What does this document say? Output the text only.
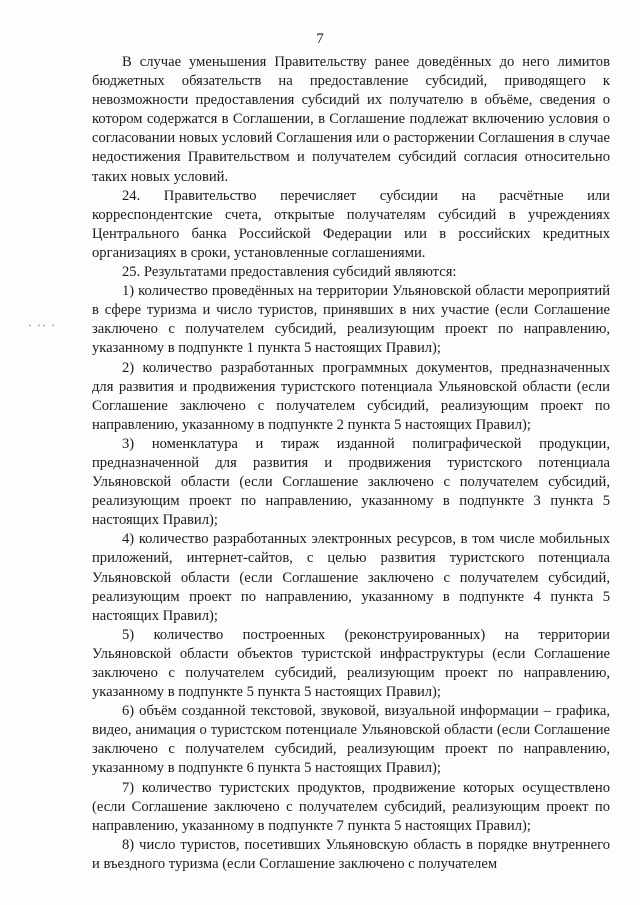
7
· ·· ·

В случае уменьшения Правительству ранее доведённых до него лимитов бюджетных обязательств на предоставление субсидий, приводящего к невозможности предоставления субсидий их получателю в объёме, сведения о котором содержатся в Соглашении, в Соглашение подлежат включению условия о согласовании новых условий Соглашения или о расторжении Соглашения в случае недостижения Правительством и получателем субсидий согласия относительно таких новых условий.

24. Правительство перечисляет субсидии на расчётные или корреспондентские счета, открытые получателям субсидий в учреждениях Центрального банка Российской Федерации или в российских кредитных организациях в сроки, установленные соглашениями.

25. Результатами предоставления субсидий являются:

1) количество проведённых на территории Ульяновской области мероприятий в сфере туризма и число туристов, принявших в них участие (если Соглашение заключено с получателем субсидий, реализующим проект по направлению, указанному в подпункте 1 пункта 5 настоящих Правил);

2) количество разработанных программных документов, предназначенных для развития и продвижения туристского потенциала Ульяновской области (если Соглашение заключено с получателем субсидий, реализующим проект по направлению, указанному в подпункте 2 пункта 5 настоящих Правил);

3) номенклатура и тираж изданной полиграфической продукции, предназначенной для развития и продвижения туристского потенциала Ульяновской области (если Соглашение заключено с получателем субсидий, реализующим проект по направлению, указанному в подпункте 3 пункта 5 настоящих Правил);

4) количество разработанных электронных ресурсов, в том числе мобильных приложений, интернет-сайтов, с целью развития туристского потенциала Ульяновской области (если Соглашение заключено с получателем субсидий, реализующим проект по направлению, указанному в подпункте 4 пункта 5 настоящих Правил);

5) количество построенных (реконструированных) на территории Ульяновской области объектов туристской инфраструктуры (если Соглашение заключено с получателем субсидий, реализующим проект по направлению, указанному в подпункте 5 пункта 5 настоящих Правил);

6) объём созданной текстовой, звуковой, визуальной информации – графика, видео, анимация о туристском потенциале Ульяновской области (если Соглашение заключено с получателем субсидий, реализующим проект по направлению, указанному в подпункте 6 пункта 5 настоящих Правил);

7) количество туристских продуктов, продвижение которых осуществлено (если Соглашение заключено с получателем субсидий, реализующим проект по направлению, указанному в подпункте 7 пункта 5 настоящих Правил);

8) число туристов, посетивших Ульяновскую область в порядке внутреннего и въездного туризма (если Соглашение заключено с получателем
